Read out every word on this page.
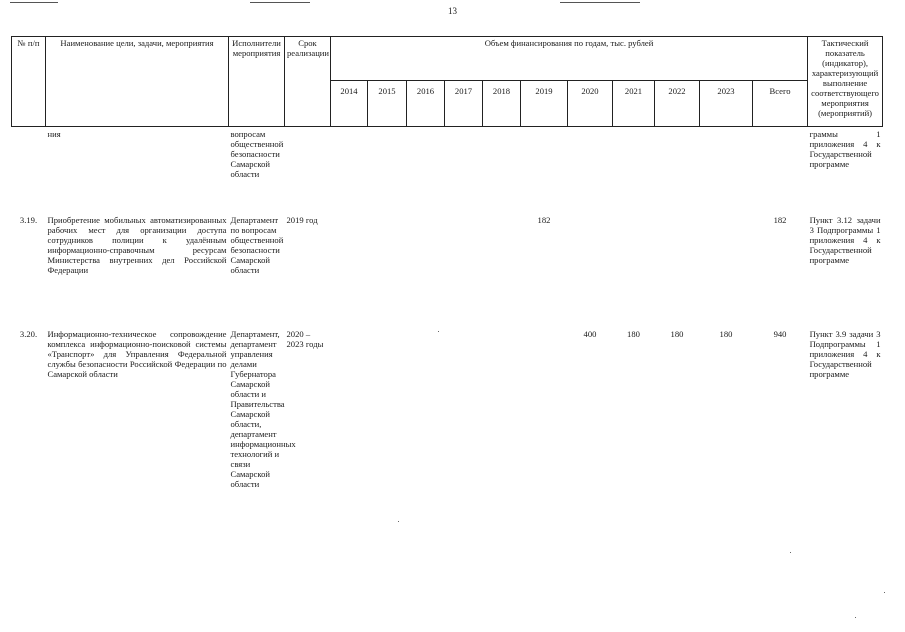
13
№ п/п	Наименование цели, задачи, мероприятия	Исполнители мероприятия	Срок реализации	Объем финансирования по годам, тыс. рублей											Тактический показатель (индикатор), характеризующий выполнение соответствующего мероприятия (мероприятий)
				2014	2015	2016	2017	2018	2019	2020	2021	2022	2023	Всего	
	ния	вопросам общественной безопасности Самарской области													граммы 1 приложения 4 к Государственной программе
3.19.	Приобретение мобильных автоматизированных рабочих мест для организации доступа сотрудников полиции к удалённым информационно-справочным ресурсам Министерства внутренних дел Российской Федерации	Департамент по вопросам общественной безопасности Самарской области	2019 год						182					182	Пункт 3.12 задачи 3 Подпрограммы 1 приложения 4 к Государственной программе
3.20.	Информационно-техническое сопровождение комплекса информационно-поисковой системы «Транспорт» для Управления Федеральной службы безопасности Российской Федерации по Самарской области	Департамент, департамент управления делами Губернатора Самарской области и Правительства Самарской области, департамент информационных технологий и связи Самарской области	2020 – 2023 годы							400	180	180	180	940	Пункт 3.9 задачи 3 Подпрограммы 1 приложения 4 к Государственной программе
